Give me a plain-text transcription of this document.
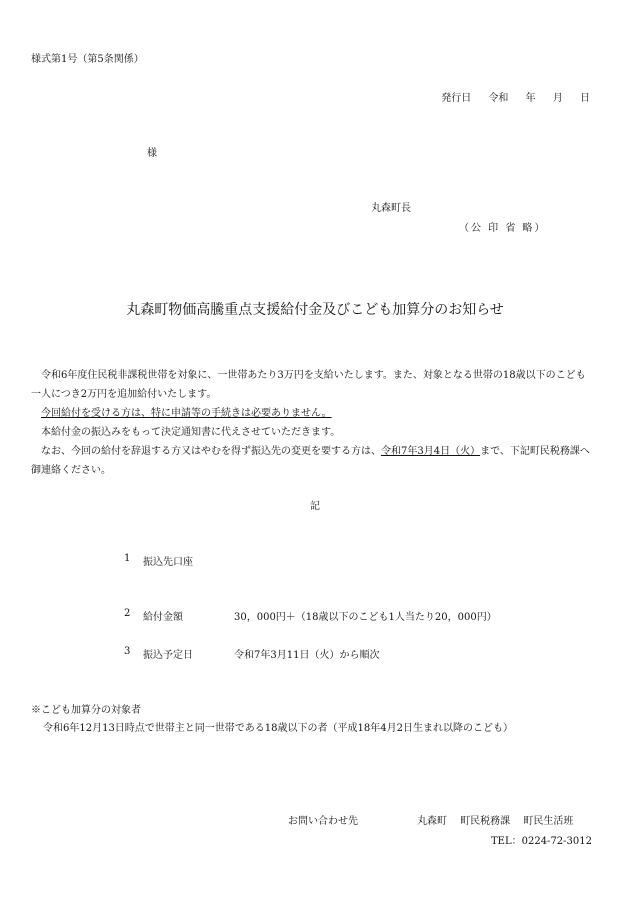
様式第1号（第5条関係）
発行日 令和 年 月 日
様
丸森町長
（公 印 省 略）
丸森町物価高騰重点支援給付金及びこども加算分のお知らせ

令和6年度住民税非課税世帯を対象に、一世帯あたり3万円を支給いたします。また、対象となる世帯の18歳以下のこども一人につき2万円を追加給付いたします。

今回給付を受ける方は、特に申請等の手続きは必要ありません。

本給付金の振込みをもって決定通知書に代えさせていただきます。

なお、今回の給付を辞退する方又はやむを得ず振込先の変更を要する方は、令和7年3月4日（火）まで、下記町民税務課へ御連絡ください。

記
1 振込先口座
2 給付金額	30，000円＋（18歳以下のこども1人当たり20，000円）
3 振込予定日	令和7年3月11日（火）から順次
※こども加算分の対象者
令和6年12月13日時点で世帯主と同一世帯である18歳以下の者（平成18年4月2日生まれ以降のこども）
お問い合わせ先	丸森町 町民税務課 町民生活班
TEL：0224-72-3012
